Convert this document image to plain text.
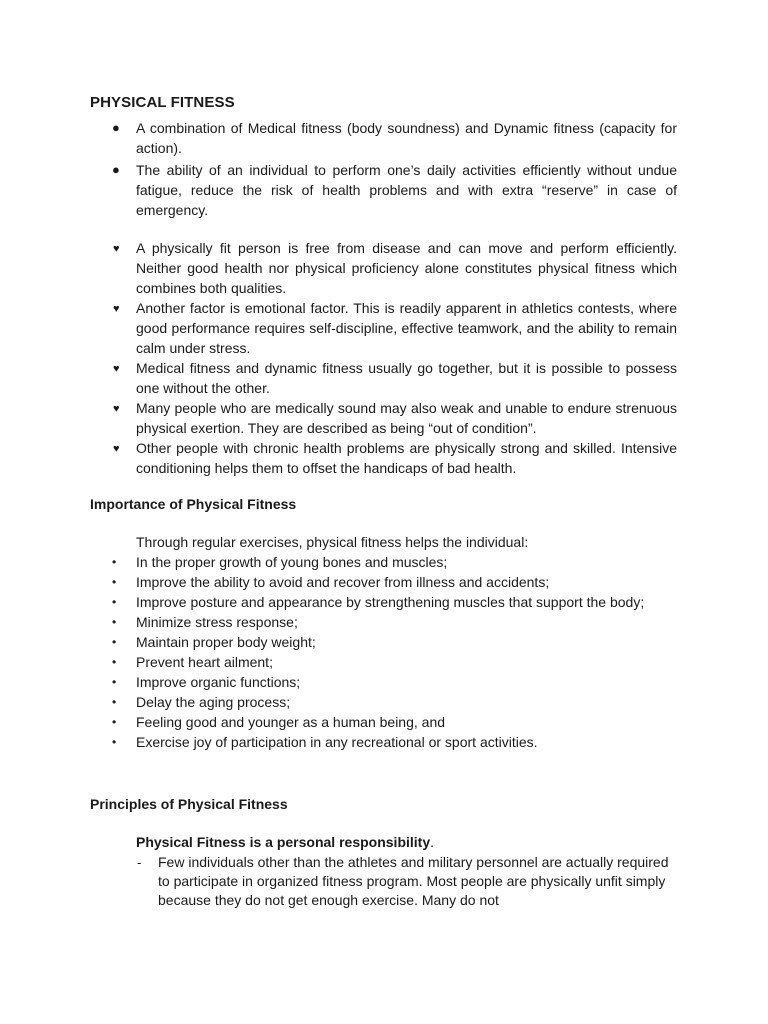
PHYSICAL FITNESS
● A combination of Medical fitness (body soundness) and Dynamic fitness (capacity for action).
● The ability of an individual to perform one’s daily activities efficiently without undue fatigue, reduce the risk of health problems and with extra “reserve” in case of emergency.
♥ A physically fit person is free from disease and can move and perform efficiently. Neither good health nor physical proficiency alone constitutes physical fitness which combines both qualities.
♥ Another factor is emotional factor. This is readily apparent in athletics contests, where good performance requires self-discipline, effective teamwork, and the ability to remain calm under stress.
♥ Medical fitness and dynamic fitness usually go together, but it is possible to possess one without the other.
♥ Many people who are medically sound may also weak and unable to endure strenuous physical exertion. They are described as being “out of condition”.
♥ Other people with chronic health problems are physically strong and skilled. Intensive conditioning helps them to offset the handicaps of bad health.
Importance of Physical Fitness
Through regular exercises, physical fitness helps the individual:
• In the proper growth of young bones and muscles;
• Improve the ability to avoid and recover from illness and accidents;
• Improve posture and appearance by strengthening muscles that support the body;
• Minimize stress response;
• Maintain proper body weight;
• Prevent heart ailment;
• Improve organic functions;
• Delay the aging process;
• Feeling good and younger as a human being, and
• Exercise joy of participation in any recreational or sport activities.
Principles of Physical Fitness
Physical Fitness is a personal responsibility.
- Few individuals other than the athletes and military personnel are actually required to participate in organized fitness program. Most people are physically unfit simply because they do not get enough exercise. Many do not
